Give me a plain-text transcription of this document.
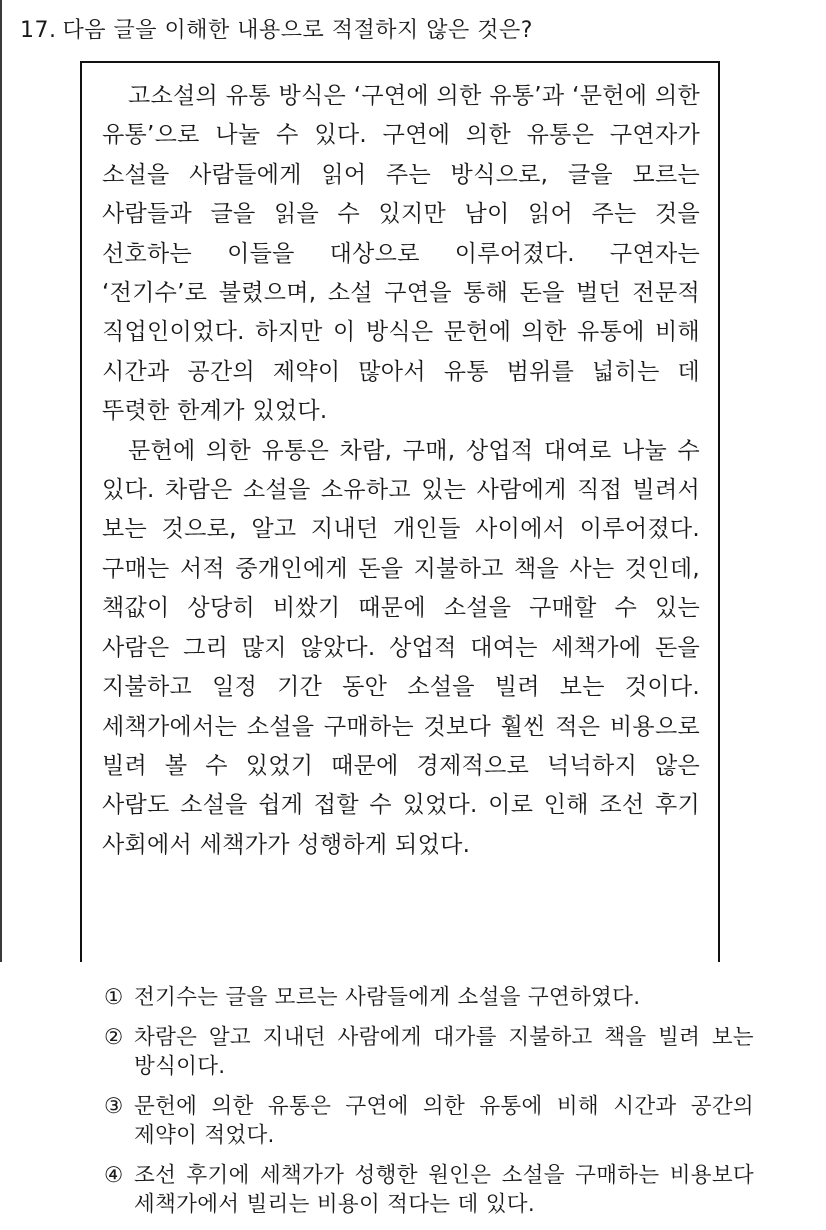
17. 다음 글을 이해한 내용으로 적절하지 않은 것은?

고소설의 유통 방식은 ‘구연에 의한 유통’과 ‘문헌에 의한 유통’으로 나눌 수 있다. 구연에 의한 유통은 구연자가 소설을 사람들에게 읽어 주는 방식으로, 글을 모르는 사람들과 글을 읽을 수 있지만 남이 읽어 주는 것을 선호하는 이들을 대상으로 이루어졌다. 구연자는 ‘전기수’로 불렸으며, 소설 구연을 통해 돈을 벌던 전문적 직업인이었다. 하지만 이 방식은 문헌에 의한 유통에 비해 시간과 공간의 제약이 많아서 유통 범위를 넓히는 데 뚜렷한 한계가 있었다.

문헌에 의한 유통은 차람, 구매, 상업적 대여로 나눌 수 있다. 차람은 소설을 소유하고 있는 사람에게 직접 빌려서 보는 것으로, 알고 지내던 개인들 사이에서 이루어졌다. 구매는 서적 중개인에게 돈을 지불하고 책을 사는 것인데, 책값이 상당히 비쌌기 때문에 소설을 구매할 수 있는 사람은 그리 많지 않았다. 상업적 대여는 세책가에 돈을 지불하고 일정 기간 동안 소설을 빌려 보는 것이다. 세책가에서는 소설을 구매하는 것보다 훨씬 적은 비용으로 빌려 볼 수 있었기 때문에 경제적으로 넉넉하지 않은 사람도 소설을 쉽게 접할 수 있었다. 이로 인해 조선 후기 사회에서 세책가가 성행하게 되었다.

① 전기수는 글을 모르는 사람들에게 소설을 구연하였다.
② 차람은 알고 지내던 사람에게 대가를 지불하고 책을 빌려 보는 방식이다.
③ 문헌에 의한 유통은 구연에 의한 유통에 비해 시간과 공간의 제약이 적었다.
④ 조선 후기에 세책가가 성행한 원인은 소설을 구매하는 비용보다 세책가에서 빌리는 비용이 적다는 데 있다.
